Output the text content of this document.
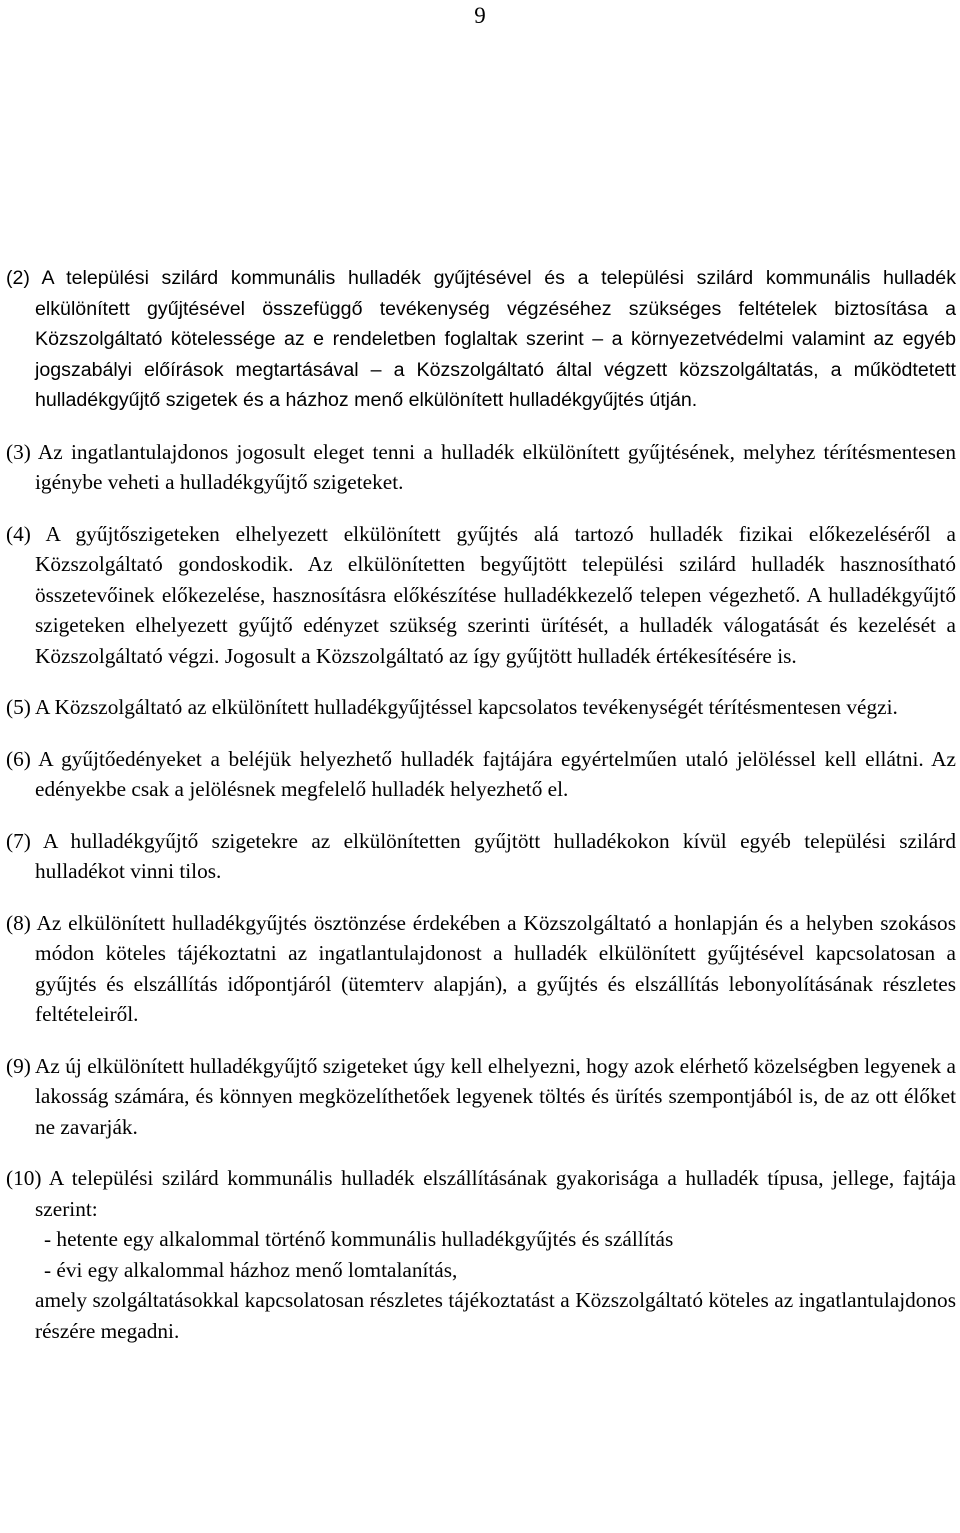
9

(2) A települési szilárd kommunális hulladék gyűjtésével és a települési szilárd kommunális hulladék elkülönített gyűjtésével összefüggő tevékenység végzéséhez szükséges feltételek biztosítása a Közszolgáltató kötelessége az e rendeletben foglaltak szerint – a környezetvédelmi valamint az egyéb jogszabályi előírások megtartásával – a Közszolgáltató által végzett közszolgáltatás, a működtetett hulladékgyűjtő szigetek és a házhoz menő elkülönített hulladékgyűjtés útján.

(3) Az ingatlantulajdonos jogosult eleget tenni a hulladék elkülönített gyűjtésének, melyhez térítésmentesen igénybe veheti a hulladékgyűjtő szigeteket.

(4) A gyűjtőszigeteken elhelyezett elkülönített gyűjtés alá tartozó hulladék fizikai előkezeléséről a Közszolgáltató gondoskodik. Az elkülönítetten begyűjtött települési szilárd hulladék hasznosítható összetevőinek előkezelése, hasznosításra előkészítése hulladékkezelő telepen végezhető. A hulladékgyűjtő szigeteken elhelyezett gyűjtő edényzet szükség szerinti ürítését, a hulladék válogatását és kezelését a Közszolgáltató végzi. Jogosult a Közszolgáltató az így gyűjtött hulladék értékesítésére is.

(5) A Közszolgáltató az elkülönített hulladékgyűjtéssel kapcsolatos tevékenységét térítésmentesen végzi.

(6) A gyűjtőedényeket a beléjük helyezhető hulladék fajtájára egyértelműen utaló jelöléssel kell ellátni. Az edényekbe csak a jelölésnek megfelelő hulladék helyezhető el.

(7) A hulladékgyűjtő szigetekre az elkülönítetten gyűjtött hulladékokon kívül egyéb települési szilárd hulladékot vinni tilos.

(8) Az elkülönített hulladékgyűjtés ösztönzése érdekében a Közszolgáltató a honlapján és a helyben szokásos módon köteles tájékoztatni az ingatlantulajdonost a hulladék elkülönített gyűjtésével kapcsolatosan a gyűjtés és elszállítás időpontjáról (ütemterv alapján), a gyűjtés és elszállítás lebonyolításának részletes feltételeiről.

(9) Az új elkülönített hulladékgyűjtő szigeteket úgy kell elhelyezni, hogy azok elérhető közelségben legyenek a lakosság számára, és könnyen megközelíthetőek legyenek töltés és ürítés szempontjából is, de az ott élőket ne zavarják.

(10) A települési szilárd kommunális hulladék elszállításának gyakorisága a hulladék típusa, jellege, fajtája szerint:

- hetente egy alkalommal történő kommunális hulladékgyűjtés és szállítás

- évi egy alkalommal házhoz menő lomtalanítás,

amely szolgáltatásokkal kapcsolatosan részletes tájékoztatást a Közszolgáltató köteles az ingatlantulajdonos részére megadni.
